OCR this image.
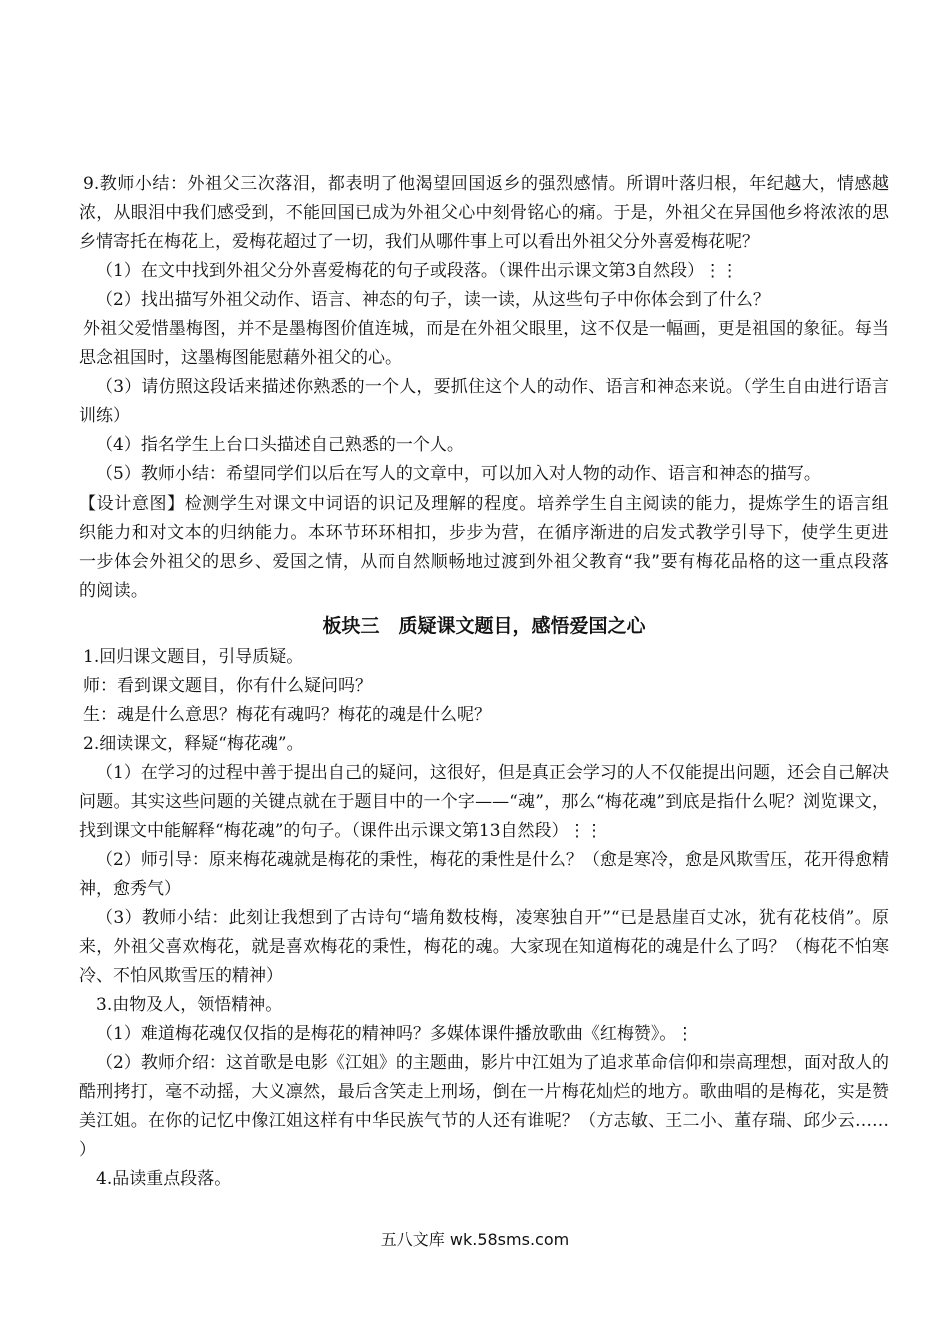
9.教师小结：外祖父三次落泪，都表明了他渴望回国返乡的强烈感情。所谓叶落归根，年纪越大，情感越浓，从眼泪中我们感受到，不能回国已成为外祖父心中刻骨铭心的痛。于是，外祖父在异国他乡将浓浓的思乡情寄托在梅花上，爱梅花超过了一切，我们从哪件事上可以看出外祖父分外喜爱梅花呢？

（1）在文中找到外祖父分外喜爱梅花的句子或段落。（课件出示课文第3自然段）⋮⋮

（2）找出描写外祖父动作、语言、神态的句子，读一读，从这些句子中你体会到了什么？

外祖父爱惜墨梅图，并不是墨梅图价值连城，而是在外祖父眼里，这不仅是一幅画，更是祖国的象征。每当思念祖国时，这墨梅图能慰藉外祖父的心。

（3）请仿照这段话来描述你熟悉的一个人，要抓住这个人的动作、语言和神态来说。（学生自由进行语言训练）

（4）指名学生上台口头描述自己熟悉的一个人。

（5）教师小结：希望同学们以后在写人的文章中，可以加入对人物的动作、语言和神态的描写。

【设计意图】检测学生对课文中词语的识记及理解的程度。培养学生自主阅读的能力，提炼学生的语言组织能力和对文本的归纳能力。本环节环环相扣，步步为营，在循序渐进的启发式教学引导下，使学生更进一步体会外祖父的思乡、爱国之情，从而自然顺畅地过渡到外祖父教育“我”要有梅花品格的这一重点段落的阅读。

板块三　质疑课文题目，感悟爱国之心

1.回归课文题目，引导质疑。

师：看到课文题目，你有什么疑问吗？

生：魂是什么意思？梅花有魂吗？梅花的魂是什么呢？

2.细读课文，释疑“梅花魂”。

（1）在学习的过程中善于提出自己的疑问，这很好，但是真正会学习的人不仅能提出问题，还会自己解决问题。其实这些问题的关键点就在于题目中的一个字——“魂”，那么“梅花魂”到底是指什么呢？浏览课文，找到课文中能解释“梅花魂”的句子。（课件出示课文第13自然段）⋮⋮

（2）师引导：原来梅花魂就是梅花的秉性，梅花的秉性是什么？（愈是寒冷，愈是风欺雪压，花开得愈精神，愈秀气）

（3）教师小结：此刻让我想到了古诗句“墙角数枝梅，凌寒独自开”“已是悬崖百丈冰，犹有花枝俏”。原来，外祖父喜欢梅花，就是喜欢梅花的秉性，梅花的魂。大家现在知道梅花的魂是什么了吗？（梅花不怕寒冷、不怕风欺雪压的精神）

3.由物及人，领悟精神。

（1）难道梅花魂仅仅指的是梅花的精神吗？多媒体课件播放歌曲《红梅赞》。⋮

（2）教师介绍：这首歌是电影《江姐》的主题曲，影片中江姐为了追求革命信仰和崇高理想，面对敌人的酷刑拷打，毫不动摇，大义凛然，最后含笑走上刑场，倒在一片梅花灿烂的地方。歌曲唱的是梅花，实是赞美江姐。在你的记忆中像江姐这样有中华民族气节的人还有谁呢？（方志敏、王二小、董存瑞、邱少云…… ）

4.品读重点段落。

五八文库 wk.58sms.com
